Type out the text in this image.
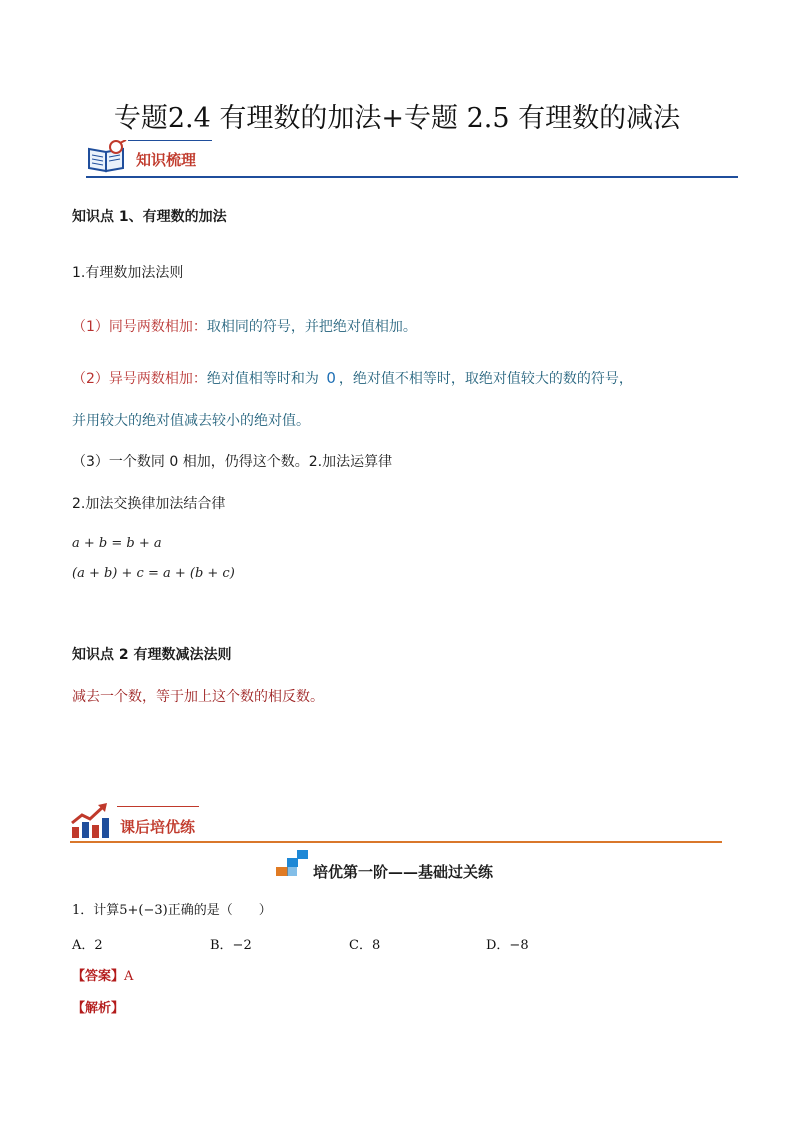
专题2.4 有理数的加法+专题 2.5 有理数的减法
知识梳理
知识点 1、有理数的加法
1.有理数加法法则
（1）同号两数相加：取相同的符号，并把绝对值相加。
（2）异号两数相加：绝对值相等时和为 0 ，绝对值不相等时，取绝对值较大的数的符号，
并用较大的绝对值减去较小的绝对值。
（3）一个数同 0 相加，仍得这个数。2.加法运算律
2.加法交换律加法结合律
a + b = b + a
(a + b) + c = a + (b + c)
知识点 2 有理数减法法则
减去一个数，等于加上这个数的相反数。
课后培优练
培优第一阶——基础过关练
1．计算5+(−3)正确的是（　　）
A．2	B．−2	C．8	D．−8
【答案】A
【解析】
